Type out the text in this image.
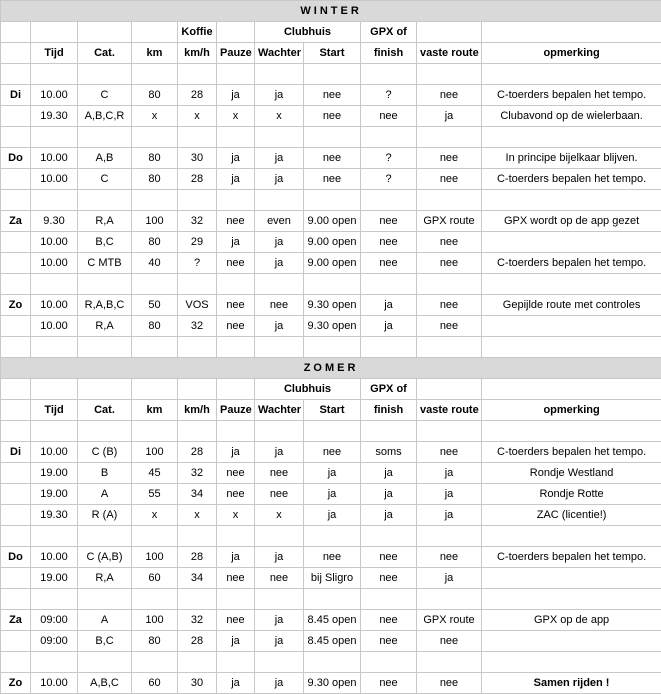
WINTER										
				Koffie		Clubhuis		GPX of		
	Tijd	Cat.	km	km/h	Pauze	Wachter	Start	finish	vaste route	opmerking

Di	10.00	C	80	28	ja	ja	nee	?	nee	C-toerders bepalen het tempo.
	19.30	A,B,C,R	x	x	x	x	nee	nee	ja	Clubavond op de wielerbaan.

Do	10.00	A,B	80	30	ja	ja	nee	?	nee	In principe bijelkaar blijven.
	10.00	C	80	28	ja	ja	nee	?	nee	C-toerders bepalen het tempo.

Za	9.30	R,A	100	32	nee	even	9.00 open	nee	GPX route	GPX wordt op de app gezet
	10.00	B,C	80	29	ja	ja	9.00 open	nee	nee	
	10.00	C MTB	40	?	nee	ja	9.00 open	nee	nee	C-toerders bepalen het tempo.

Zo	10.00	R,A,B,C	50	VOS	nee	nee	9.30 open	ja	nee	Gepijlde route met controles
	10.00	R,A	80	32	nee	ja	9.30 open	ja	nee	

ZOMER										
						Clubhuis		GPX of		
	Tijd	Cat.	km	km/h	Pauze	Wachter	Start	finish	vaste route	opmerking

Di	10.00	C (B)	100	28	ja	ja	nee	soms	nee	C-toerders bepalen het tempo.
	19.00	B	45	32	nee	nee	ja	ja	ja	Rondje Westland
	19.00	A	55	34	nee	nee	ja	ja	ja	Rondje Rotte
	19.30	R (A)	x	x	x	x	ja	ja	ja	ZAC (licentie!)

Do	10.00	C (A,B)	100	28	ja	ja	nee	nee	nee	C-toerders bepalen het tempo.
	19.00	R,A	60	34	nee	nee	bij Sligro	nee	ja	

Za	09:00	A	100	32	nee	ja	8.45 open	nee	GPX route	GPX op de app
	09:00	B,C	80	28	ja	ja	8.45 open	nee	nee	

Zo	10.00	A,B,C	60	30	ja	ja	9.30 open	nee	nee	Samen rijden !
